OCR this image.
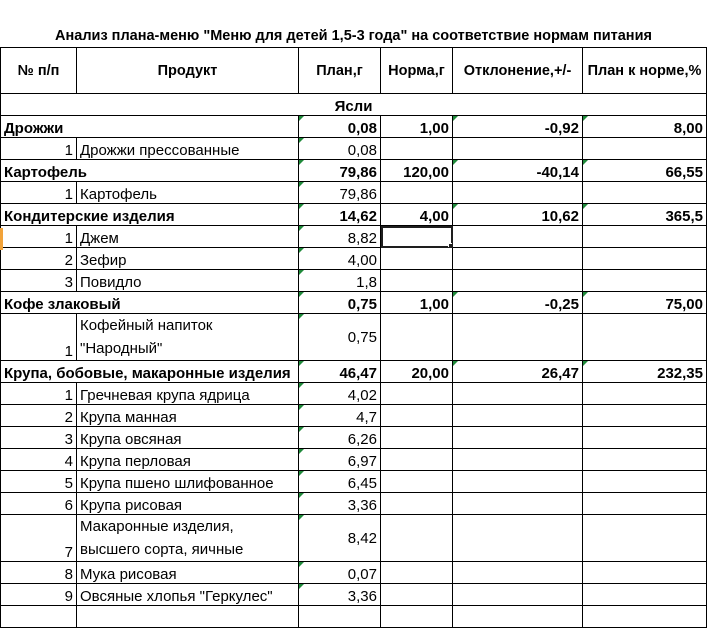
Анализ плана-меню "Меню для детей 1,5-3 года" на соответствие нормам питания
№ п/п	Продукт	План,г	Норма,г	Отклонение,+/-	План к норме,%
Ясли					
Дрожжи		0,08	1,00	-0,92	8,00
1	Дрожжи прессованные	0,08			
Картофель		79,86	120,00	-40,14	66,55
1	Картофель	79,86			
Кондитерские изделия		14,62	4,00	10,62	365,5
1	Джем	8,82	

2	Зефир	4,00			
3	Повидло	1,8			
Кофе злаковый		0,75	1,00	-0,25	75,00
1	Кофейный напиток "Народный"	0,75			
Крупа, бобовые, макаронные изделия		46,47	20,00	26,47	232,35
1	Гречневая крупа ядрица	4,02			
2	Крупа манная	4,7			
3	Крупа овсяная	6,26			
4	Крупа перловая	6,97			
5	Крупа пшено шлифованное	6,45			
6	Крупа рисовая	3,36			
7	Макаронные изделия, высшего сорта, яичные	8,42			
8	Мука рисовая	0,07			
9	Овсяные хлопья "Геркулес"	3,36			
